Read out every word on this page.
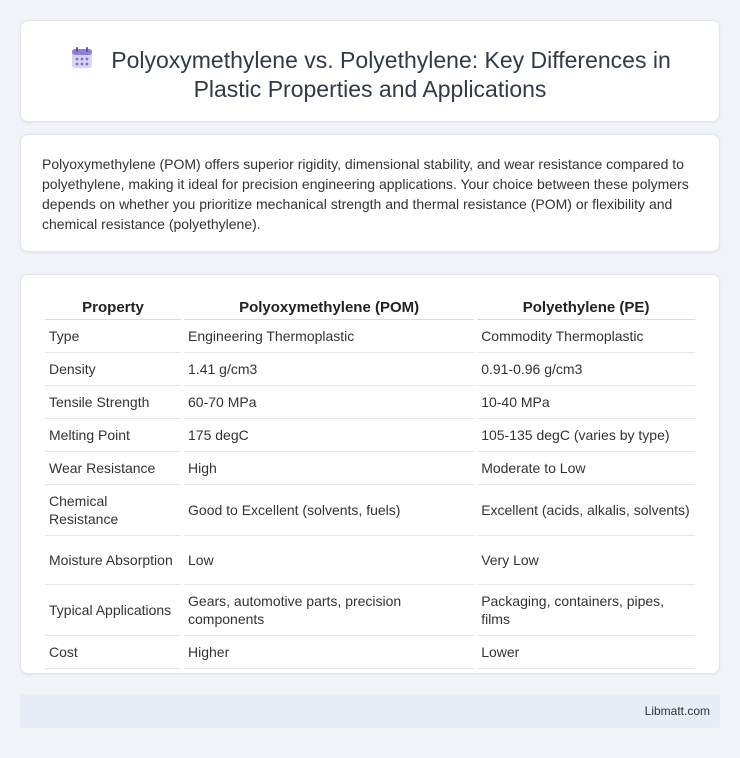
Polyoxymethylene vs. Polyethylene: Key Differences in Plastic Properties and Applications

Polyoxymethylene (POM) offers superior rigidity, dimensional stability, and wear resistance compared to polyethylene, making it ideal for precision engineering applications. Your choice between these polymers depends on whether you prioritize mechanical strength and thermal resistance (POM) or flexibility and chemical resistance (polyethylene).

Property	Polyoxymethylene (POM)	Polyethylene (PE)
Type	Engineering Thermoplastic	Commodity Thermoplastic
Density	1.41 g/cm3	0.91-0.96 g/cm3
Tensile Strength	60-70 MPa	10-40 MPa
Melting Point	175 degC	105-135 degC (varies by type)
Wear Resistance	High	Moderate to Low
Chemical Resistance	Good to Excellent (solvents, fuels)	Excellent (acids, alkalis, solvents)
Moisture Absorption	Low	Very Low
Typical Applications	Gears, automotive parts, precision components	Packaging, containers, pipes, films
Cost	Higher	Lower
Libmatt.com
